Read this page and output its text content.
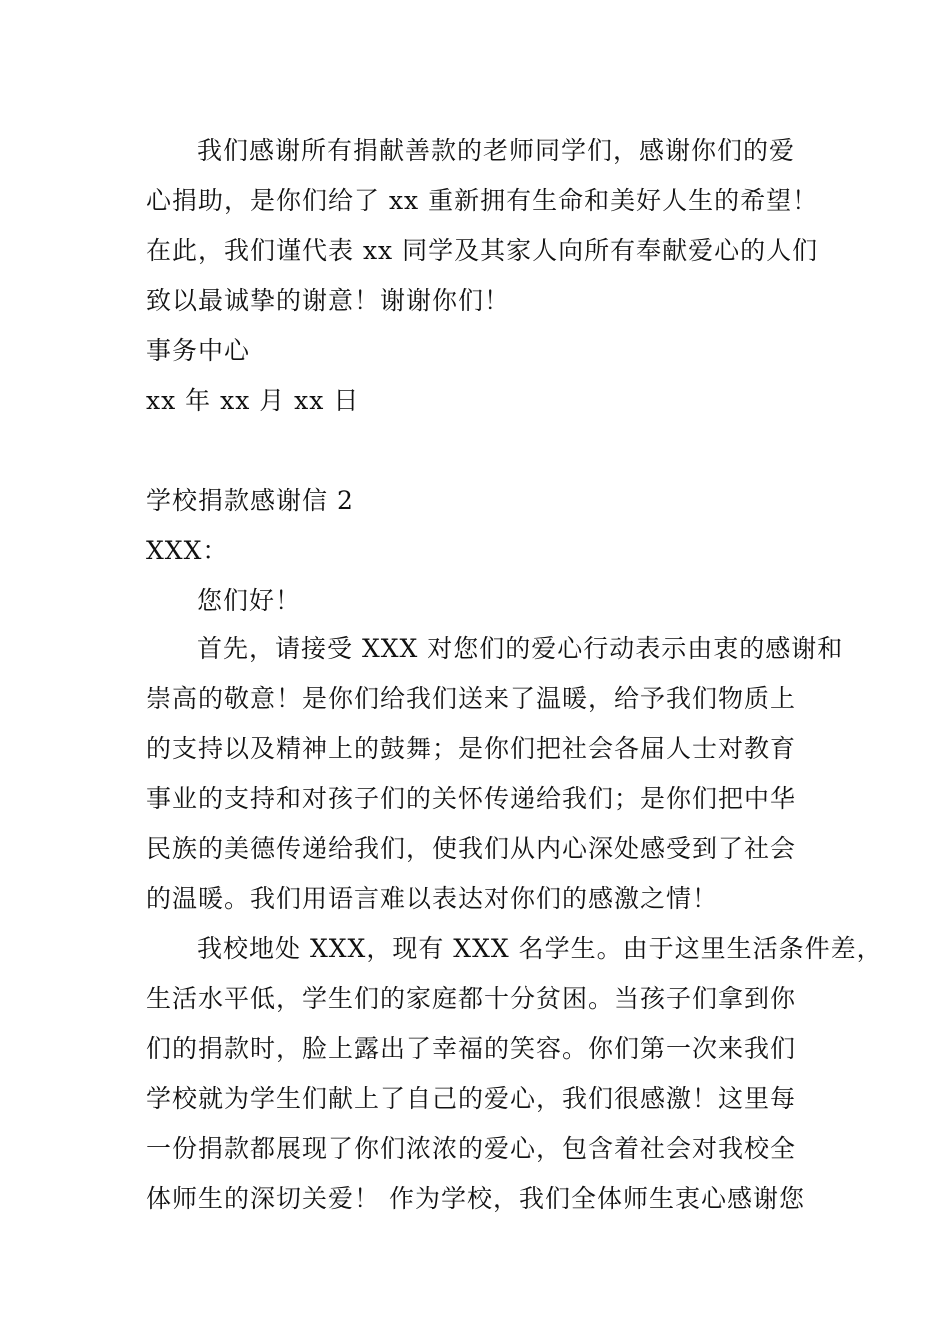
我们感谢所有捐献善款的老师同学们，感谢你们的爱
心捐助，是你们给了 xx 重新拥有生命和美好人生的希望！
在此，我们谨代表 xx 同学及其家人向所有奉献爱心的人们
致以最诚挚的谢意！谢谢你们！
事务中心
xx 年 xx 月 xx 日
学校捐款感谢信 2
XXX：
您们好！
首先，请接受 XXX 对您们的爱心行动表示由衷的感谢和
崇高的敬意！是你们给我们送来了温暖，给予我们物质上
的支持以及精神上的鼓舞；是你们把社会各届人士对教育
事业的支持和对孩子们的关怀传递给我们；是你们把中华
民族的美德传递给我们，使我们从内心深处感受到了社会
的温暖。我们用语言难以表达对你们的感激之情！
我校地处 XXX，现有 XXX 名学生。由于这里生活条件差，
生活水平低，学生们的家庭都十分贫困。当孩子们拿到你
们的捐款时，脸上露出了幸福的笑容。你们第一次来我们
学校就为学生们献上了自己的爱心，我们很感激！这里每
一份捐款都展现了你们浓浓的爱心，包含着社会对我校全
体师生的深切关爱！ 作为学校，我们全体师生衷心感谢您
